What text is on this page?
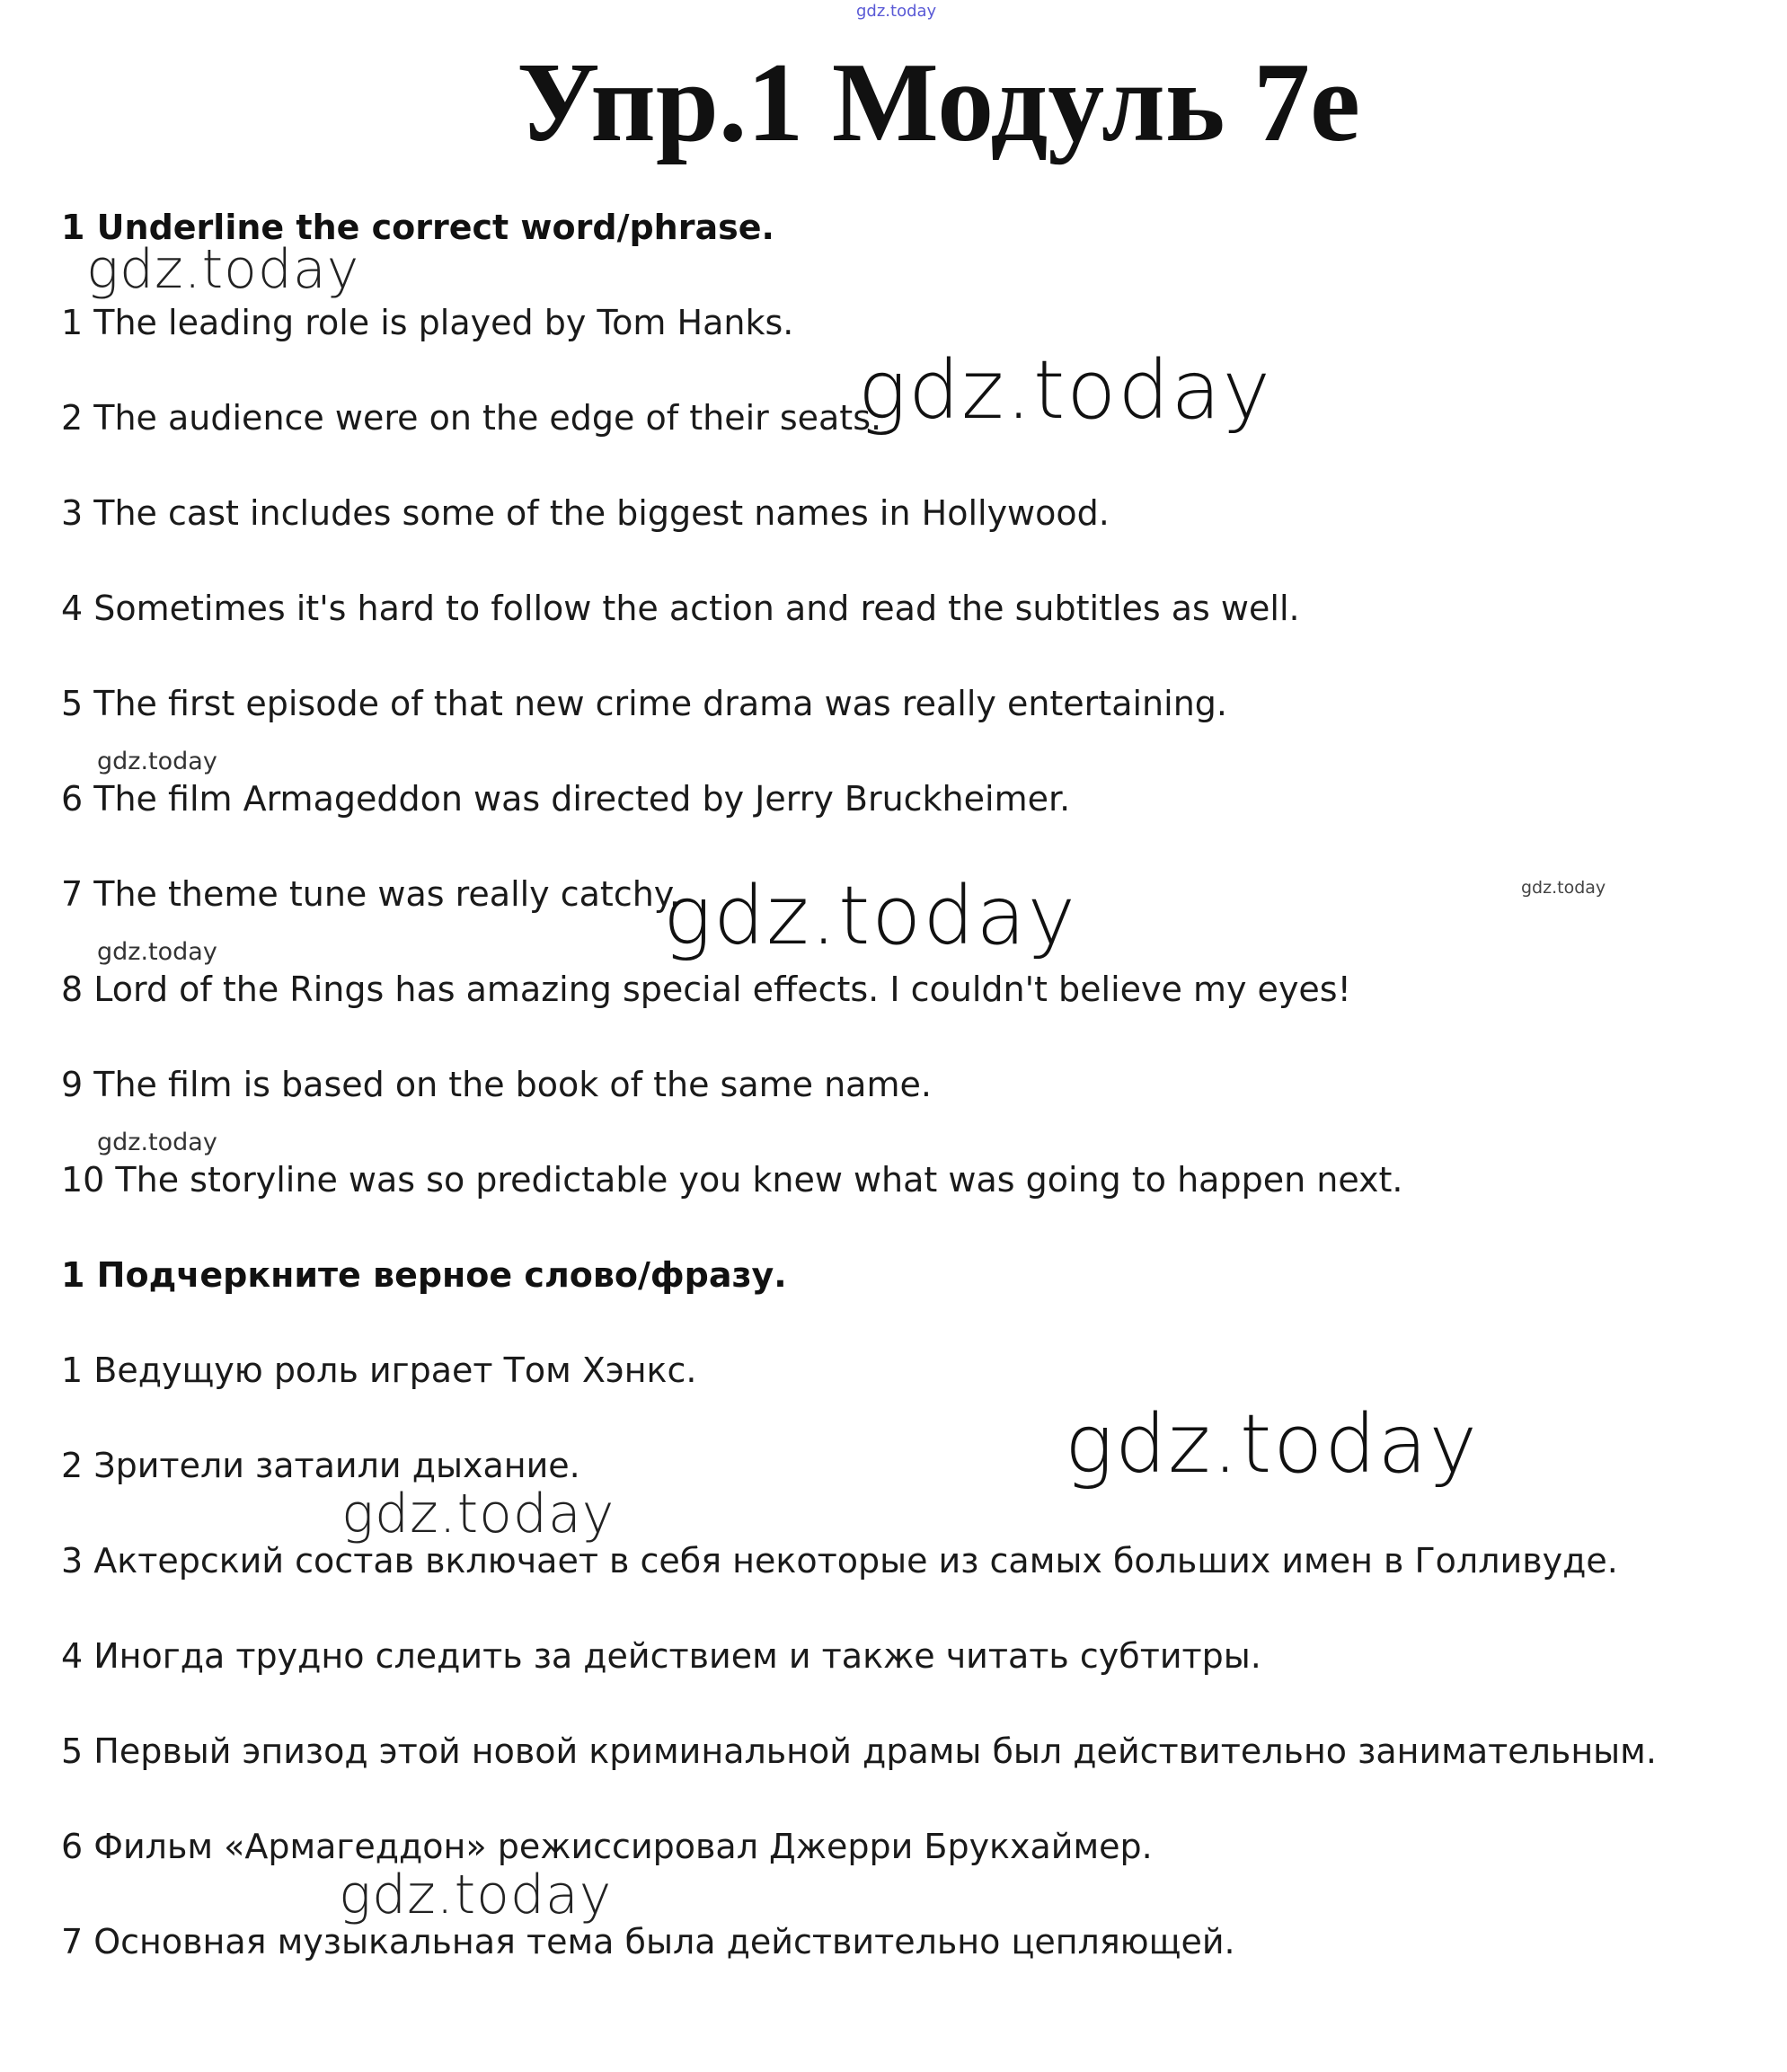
gdz.today
Упр.1 Модуль 7e
1 Underline the correct word/phrase.
1 The leading role is played by Tom Hanks.
2 The audience were on the edge of their seats.
3 The cast includes some of the biggest names in Hollywood.
4 Sometimes it's hard to follow the action and read the subtitles as well.
5 The first episode of that new crime drama was really entertaining.
6 The film Armageddon was directed by Jerry Bruckheimer.
7 The theme tune was really catchy.
8 Lord of the Rings has amazing special effects. I couldn't believe my eyes!
9 The film is based on the book of the same name.
10 The storyline was so predictable you knew what was going to happen next.
1 Подчеркните верное слово/фразу.
1 Ведущую роль играет Том Хэнкс.
2 Зрители затаили дыхание.
3 Актерский состав включает в себя некоторые из самых больших имен в Голливуде.
4 Иногда трудно следить за действием и также читать субтитры.
5 Первый эпизод этой новой криминальной драмы был действительно занимательным.
6 Фильм «Армагеддон» режиссировал Джерри Брукхаймер.
7 Основная музыкальная тема была действительно цепляющей.
gdz.today
gdz.today
gdz.today
gdz.today	gdz.today
gdz.today
gdz.today
gdz.today
gdz.today
gdz.today
